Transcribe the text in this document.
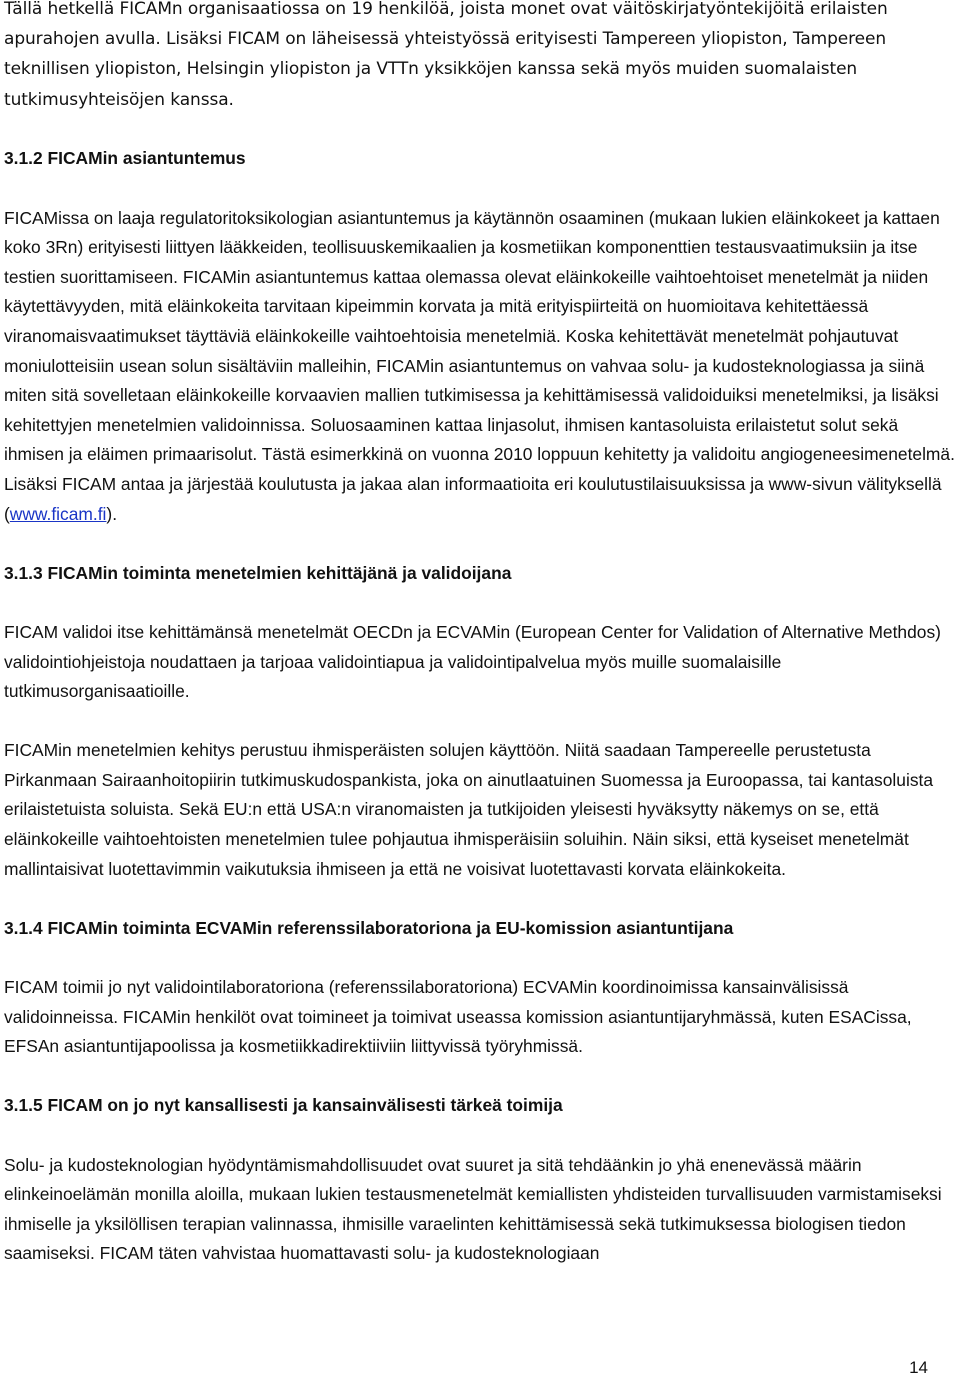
Tällä hetkellä FICAMn organisaatiossa on 19 henkilöä, joista monet ovat väitöskirjatyöntekijöitä erilaisten
apurahojen avulla. Lisäksi FICAM on läheisessä yhteistyössä erityisesti Tampereen yliopiston, Tampereen
teknillisen yliopiston, Helsingin yliopiston ja VTTn yksikköjen kanssa sekä myös muiden suomalaisten
tutkimusyhteisöjen kanssa.

3.1.2 FICAMin asiantuntemus

FICAMissa on laaja regulatoritoksikologian asiantuntemus ja käytännön osaaminen (mukaan lukien eläinkokeet ja kattaen koko 3Rn) erityisesti liittyen lääkkeiden, teollisuuskemikaalien ja kosmetiikan komponenttien testausvaatimuksiin ja itse testien suorittamiseen. FICAMin asiantuntemus kattaa olemassa olevat eläinkokeille vaihtoehtoiset menetelmät ja niiden käytettävyyden, mitä eläinkokeita tarvitaan kipeimmin korvata ja mitä erityispiirteitä on huomioitava kehitettäessä viranomaisvaatimukset täyttäviä eläinkokeille vaihtoehtoisia menetelmiä. Koska kehitettävät menetelmät pohjautuvat moniulotteisiin usean solun sisältäviin malleihin, FICAMin asiantuntemus on vahvaa solu- ja kudosteknologiassa ja siinä miten sitä sovelletaan eläinkokeille korvaavien mallien tutkimisessa ja kehittämisessä validoiduiksi menetelmiksi, ja lisäksi kehitettyjen menetelmien validoinnissa. Soluosaaminen kattaa linjasolut, ihmisen kantasoluista erilaistetut solut sekä ihmisen ja eläimen primaarisolut. Tästä esimerkkinä on vuonna 2010 loppuun kehitetty ja validoitu angiogeneesimenetelmä. Lisäksi FICAM antaa ja järjestää koulutusta ja jakaa alan informaatioita eri koulutustilaisuuksissa ja www-sivun välityksellä (www.ficam.fi).

3.1.3 FICAMin toiminta menetelmien kehittäjänä ja validoijana

FICAM validoi itse kehittämänsä menetelmät OECDn ja ECVAMin (European Center for Validation of Alternative Methdos) validointiohjeistoja noudattaen ja tarjoaa validointiapua ja validointipalvelua myös muille suomalaisille tutkimusorganisaatioille.

FICAMin menetelmien kehitys perustuu ihmisperäisten solujen käyttöön. Niitä saadaan Tampereelle perustetusta Pirkanmaan Sairaanhoitopiirin tutkimuskudospankista, joka on ainutlaatuinen Suomessa ja Euroopassa, tai kantasoluista erilaistetuista soluista. Sekä EU:n että USA:n viranomaisten ja tutkijoiden yleisesti hyväksytty näkemys on se, että eläinkokeille vaihtoehtoisten menetelmien tulee pohjautua ihmisperäisiin soluihin. Näin siksi, että kyseiset menetelmät mallintaisivat luotettavimmin vaikutuksia ihmiseen ja että ne voisivat luotettavasti korvata eläinkokeita.

3.1.4 FICAMin toiminta ECVAMin referenssilaboratoriona ja EU-komission asiantuntijana

FICAM toimii jo nyt validointilaboratoriona (referenssilaboratoriona) ECVAMin koordinoimissa kansainvälisissä validoinneissa. FICAMin henkilöt ovat toimineet ja toimivat useassa komission asiantuntijaryhmässä, kuten ESACissa, EFSAn asiantuntijapoolissa ja kosmetiikkadirektiiviin liittyvissä työryhmissä.

3.1.5 FICAM on jo nyt kansallisesti ja kansainvälisesti tärkeä toimija

Solu- ja kudosteknologian hyödyntämismahdollisuudet ovat suuret ja sitä tehdäänkin jo yhä enenevässä määrin elinkeinoelämän monilla aloilla, mukaan lukien testausmenetelmät kemiallisten yhdisteiden turvallisuuden varmistamiseksi ihmiselle ja yksilöllisen terapian valinnassa, ihmisille varaelinten kehittämisessä sekä tutkimuksessa biologisen tiedon saamiseksi. FICAM täten vahvistaa huomattavasti solu- ja kudosteknologiaan

14
